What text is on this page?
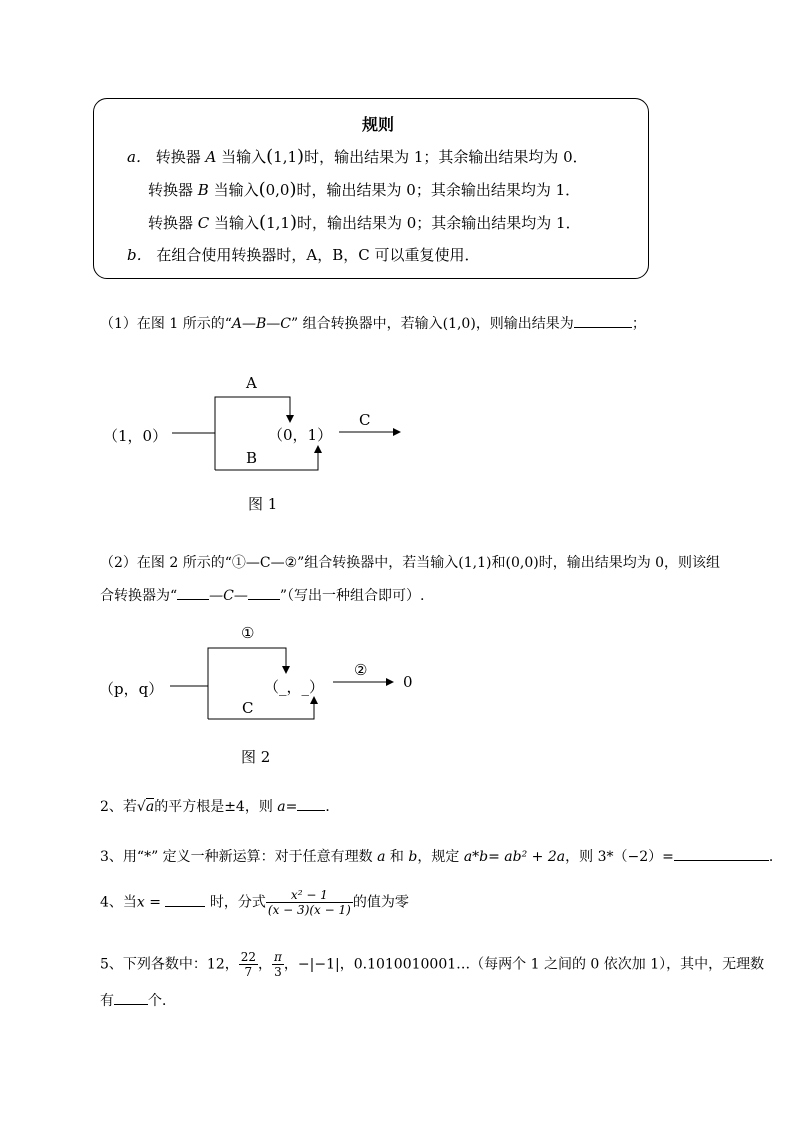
规则
a． 转换器 A 当输入(1,1)时，输出结果为 1；其余输出结果均为 0．
转换器 B 当输入(0,0)时，输出结果为 0；其余输出结果均为 1．
转换器 C 当输入(1,1)时，输出结果为 0；其余输出结果均为 1．
b． 在组合使用转换器时，A，B，C 可以重复使用．
（1）在图 1 所示的“A—B—C” 组合转换器中，若输入(1,0)，则输出结果为	；
（1，0）
A
B
（0，1）
C
图 1
（2）在图 2 所示的“①—C—②”组合转换器中，若当输入(1,1)和(0,0)时，输出结果均为 0，则该组
合转换器为“ —C— ”（写出一种组合即可）.
（p，q）
①
C
（_，_）
②
0
图 2
2、若√a的平方根是±4，则 a= ．
3、用“*” 定义一种新运算：对于任意有理数 a 和 b，规定 a*b= ab² + 2a，则 3*（−2）=	．
4、当x =	时，分式 $\frac{\text{x² − 1}}{(x - 3)(x - 1)}$ 的值为零
5、下列各数中：12， $\frac{22}{7}$ ， $\frac{\pi}{3}$ ，−|−1|，0.1010010001…（每两个 1 之间的 0 依次加 1），其中，无理数
有 个．
